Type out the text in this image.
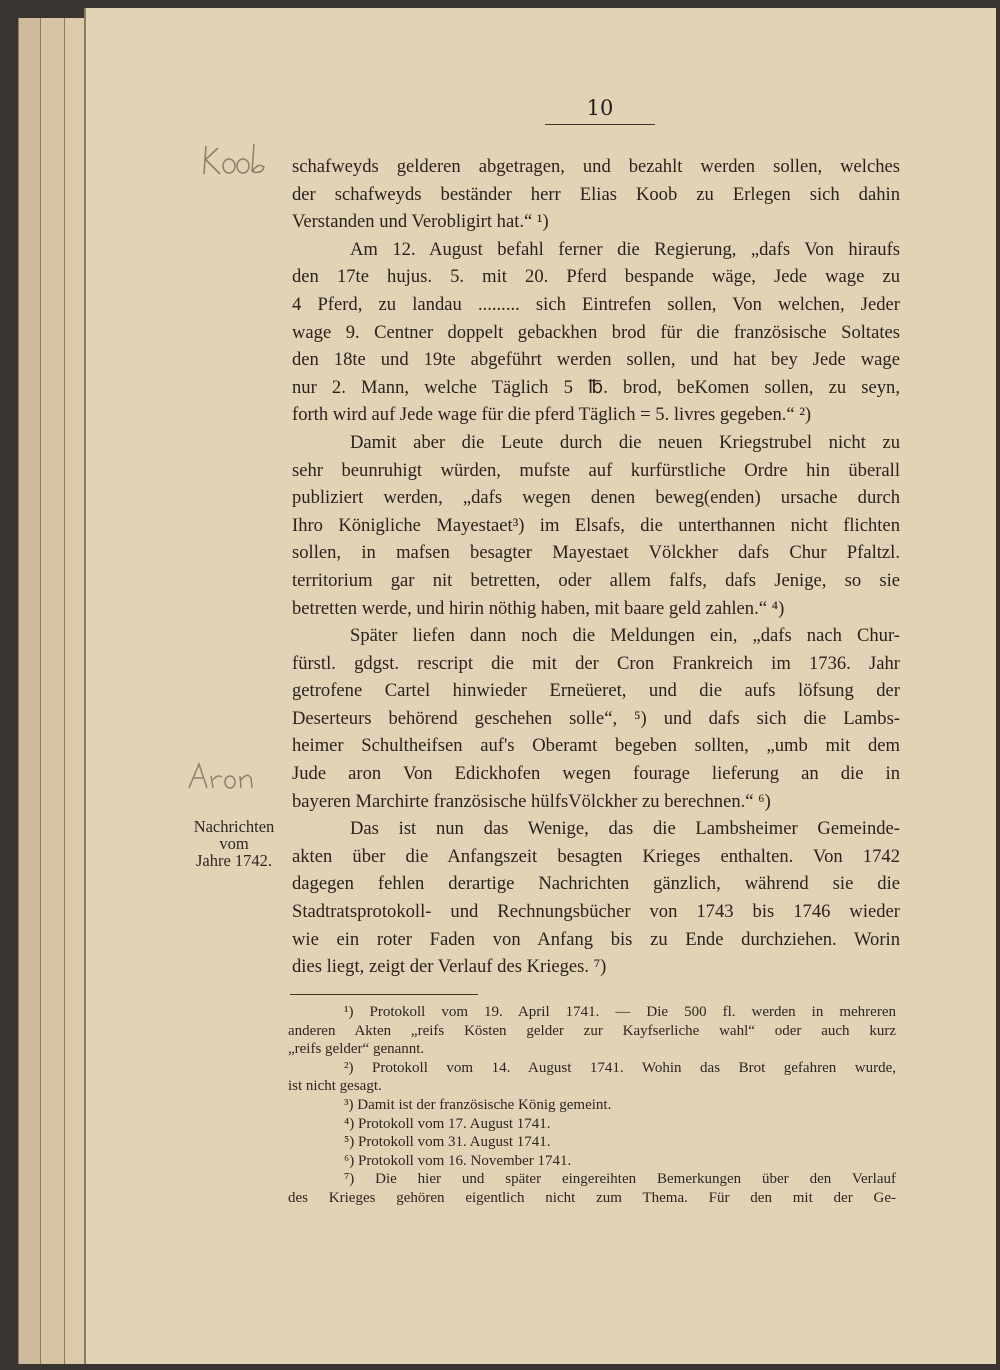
10
Nachrichten
vom
Jahre 1742.
schafweyds gelderen abgetragen, und bezahlt werden sollen, welches
der schafweyds beständer herr Elias Koob zu Erlegen sich dahin
Verstanden und Veroblіgirt hat.“ ¹)
Am 12. August befahl ferner die Regierung, „dafs Von hiraufs
den 17te hujus. 5. mit 20. Pferd bespande wäge, Jede wage zu
4 Pferd, zu landau ......... sich Eintrefen sollen, Von welchen, Jeder
wage 9. Centner doppelt gebackhen brod für die französische Soltates
den 18te und 19te abgeführt werden sollen, und hat bey Jede wage
nur 2. Mann, welche Täglich 5 ℔. brod, beKomen sollen, zu seyn,
forth wird auf Jede wage für die pferd Täglich = 5. livres gegeben.“ ²)
Damit aber die Leute durch die neuen Kriegstrubel nicht zu
sehr beunruhigt würden, mufste auf kurfürstliche Ordre hin überall
publiziert werden, „dafs wegen denen beweg(enden) ursache durch
Ihro Königliche Mayestaet³) im Elsafs, die unterthannen nicht flichten
sollen, in mafsen besagter Mayestaet Völckher dafs Chur Pfaltzl.
territorium gar nit betretten, oder allem falfs, dafs Jenige, so sie
betretten werde, und hirin nöthig haben, mit baare geld zahlen.“ ⁴)
Später liefen dann noch die Meldungen ein, „dafs nach Chur-
fürstl. gdgst. rescript die mit der Cron Frankreich im 1736. Jahr
getrofene Cartel hinwieder Erneüeret, und die aufs löfsung der
Deserteurs behörend geschehen solle“, ⁵) und dafs sich die Lambs-
heimer Schultheifsen auf's Oberamt begeben sollten, „umb mit dem
Jude aron Von Edickhofen wegen fourage lieferung an die in
bayeren Marchirte französische hülfsVölckher zu berechnen.“ ⁶)
Das ist nun das Wenige, das die Lambsheimer Gemeinde-
akten über die Anfangszeit besagten Krieges enthalten. Von 1742
dagegen fehlen derartige Nachrichten gänzlich, während sie die
Stadtratsprotokoll- und Rechnungsbücher von 1743 bis 1746 wieder
wie ein roter Faden von Anfang bis zu Ende durchziehen. Worin
dies liegt, zeigt der Verlauf des Krieges. ⁷)
¹) Protokoll vom 19. April 1741. — Die 500 fl. werden in mehreren
anderen Akten „reifs Kösten gelder zur Kayfserliche wahl“ oder auch kurz
„reifs gelder“ genannt.
²) Protokoll vom 14. August 1741. Wohin das Brot gefahren wurde,
ist nicht gesagt.
³) Damit ist der französische König gemeint.
⁴) Protokoll vom 17. August 1741.
⁵) Protokoll vom 31. August 1741.
⁶) Protokoll vom 16. November 1741.
⁷) Die hier und später eingereihten Bemerkungen über den Verlauf
des Krieges gehören eigentlich nicht zum Thema. Für den mit der Ge-
